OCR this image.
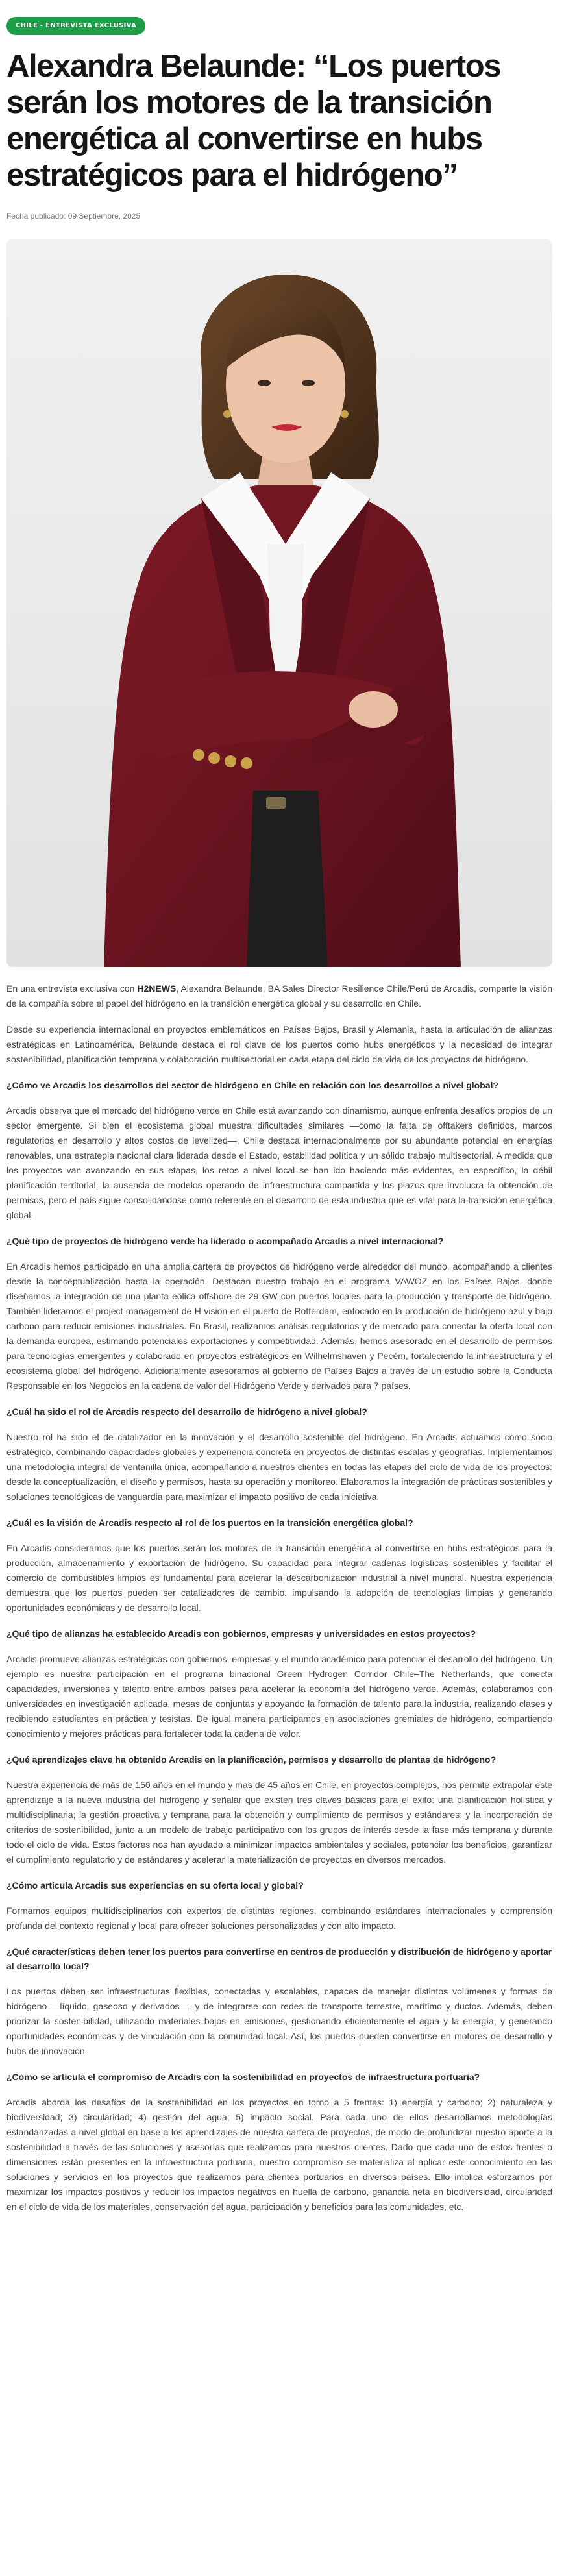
CHILE - ENTREVISTA EXCLUSIVA
Alexandra Belaunde: “Los puertos serán los motores de la transición energética al convertirse en hubs estratégicos para el hidrógeno”
Fecha publicado: 09 Septiembre, 2025

En una entrevista exclusiva con H2NEWS, Alexandra Belaunde, BA Sales Director Resilience Chile/Perú de Arcadis, comparte la visión de la compañía sobre el papel del hidrógeno en la transición energética global y su desarrollo en Chile.

Desde su experiencia internacional en proyectos emblemáticos en Países Bajos, Brasil y Alemania, hasta la articulación de alianzas estratégicas en Latinoamérica, Belaunde destaca el rol clave de los puertos como hubs energéticos y la necesidad de integrar sostenibilidad, planificación temprana y colaboración multisectorial en cada etapa del ciclo de vida de los proyectos de hidrógeno.

¿Cómo ve Arcadis los desarrollos del sector de hidrógeno en Chile en relación con los desarrollos a nivel global?

Arcadis observa que el mercado del hidrógeno verde en Chile está avanzando con dinamismo, aunque enfrenta desafíos propios de un sector emergente. Si bien el ecosistema global muestra dificultades similares —como la falta de offtakers definidos, marcos regulatorios en desarrollo y altos costos de levelized—, Chile destaca internacionalmente por su abundante potencial en energías renovables, una estrategia nacional clara liderada desde el Estado, estabilidad política y un sólido trabajo multisectorial. A medida que los proyectos van avanzando en sus etapas, los retos a nivel local se han ido haciendo más evidentes, en específico, la débil planificación territorial, la ausencia de modelos operando de infraestructura compartida y los plazos que involucra la obtención de permisos, pero el país sigue consolidándose como referente en el desarrollo de esta industria que es vital para la transición energética global.

¿Qué tipo de proyectos de hidrógeno verde ha liderado o acompañado Arcadis a nivel internacional?

En Arcadis hemos participado en una amplia cartera de proyectos de hidrógeno verde alrededor del mundo, acompañando a clientes desde la conceptualización hasta la operación. Destacan nuestro trabajo en el programa VAWOZ en los Países Bajos, donde diseñamos la integración de una planta eólica offshore de 29 GW con puertos locales para la producción y transporte de hidrógeno. También lideramos el project management de H-vision en el puerto de Rotterdam, enfocado en la producción de hidrógeno azul y bajo carbono para reducir emisiones industriales. En Brasil, realizamos análisis regulatorios y de mercado para conectar la oferta local con la demanda europea, estimando potenciales exportaciones y competitividad. Además, hemos asesorado en el desarrollo de permisos para tecnologías emergentes y colaborado en proyectos estratégicos en Wilhelmshaven y Pecém, fortaleciendo la infraestructura y el ecosistema global del hidrógeno. Adicionalmente asesoramos al gobierno de Países Bajos a través de un estudio sobre la Conducta Responsable en los Negocios en la cadena de valor del Hidrógeno Verde y derivados para 7 países.

¿Cuál ha sido el rol de Arcadis respecto del desarrollo de hidrógeno a nivel global?

Nuestro rol ha sido el de catalizador en la innovación y el desarrollo sostenible del hidrógeno. En Arcadis actuamos como socio estratégico, combinando capacidades globales y experiencia concreta en proyectos de distintas escalas y geografías. Implementamos una metodología integral de ventanilla única, acompañando a nuestros clientes en todas las etapas del ciclo de vida de los proyectos: desde la conceptualización, el diseño y permisos, hasta su operación y monitoreo. Elaboramos la integración de prácticas sostenibles y soluciones tecnológicas de vanguardia para maximizar el impacto positivo de cada iniciativa.

¿Cuál es la visión de Arcadis respecto al rol de los puertos en la transición energética global?

En Arcadis consideramos que los puertos serán los motores de la transición energética al convertirse en hubs estratégicos para la producción, almacenamiento y exportación de hidrógeno. Su capacidad para integrar cadenas logísticas sostenibles y facilitar el comercio de combustibles limpios es fundamental para acelerar la descarbonización industrial a nivel mundial. Nuestra experiencia demuestra que los puertos pueden ser catalizadores de cambio, impulsando la adopción de tecnologías limpias y generando oportunidades económicas y de desarrollo local.

¿Qué tipo de alianzas ha establecido Arcadis con gobiernos, empresas y universidades en estos proyectos?

Arcadis promueve alianzas estratégicas con gobiernos, empresas y el mundo académico para potenciar el desarrollo del hidrógeno. Un ejemplo es nuestra participación en el programa binacional Green Hydrogen Corridor Chile–The Netherlands, que conecta capacidades, inversiones y talento entre ambos países para acelerar la economía del hidrógeno verde. Además, colaboramos con universidades en investigación aplicada, mesas de conjuntas y apoyando la formación de talento para la industria, realizando clases y recibiendo estudiantes en práctica y tesistas. De igual manera participamos en asociaciones gremiales de hidrógeno, compartiendo conocimiento y mejores prácticas para fortalecer toda la cadena de valor.

¿Qué aprendizajes clave ha obtenido Arcadis en la planificación, permisos y desarrollo de plantas de hidrógeno?

Nuestra experiencia de más de 150 años en el mundo y más de 45 años en Chile, en proyectos complejos, nos permite extrapolar este aprendizaje a la nueva industria del hidrógeno y señalar que existen tres claves básicas para el éxito: una planificación holística y multidisciplinaria; la gestión proactiva y temprana para la obtención y cumplimiento de permisos y estándares; y la incorporación de criterios de sostenibilidad, junto a un modelo de trabajo participativo con los grupos de interés desde la fase más temprana y durante todo el ciclo de vida. Estos factores nos han ayudado a minimizar impactos ambientales y sociales, potenciar los beneficios, garantizar el cumplimiento regulatorio y de estándares y acelerar la materialización de proyectos en diversos mercados.

¿Cómo articula Arcadis sus experiencias en su oferta local y global?

Formamos equipos multidisciplinarios con expertos de distintas regiones, combinando estándares internacionales y comprensión profunda del contexto regional y local para ofrecer soluciones personalizadas y con alto impacto.

¿Qué características deben tener los puertos para convertirse en centros de producción y distribución de hidrógeno y aportar al desarrollo local?

Los puertos deben ser infraestructuras flexibles, conectadas y escalables, capaces de manejar distintos volúmenes y formas de hidrógeno —líquido, gaseoso y derivados—, y de integrarse con redes de transporte terrestre, marítimo y ductos. Además, deben priorizar la sostenibilidad, utilizando materiales bajos en emisiones, gestionando eficientemente el agua y la energía, y generando oportunidades económicas y de vinculación con la comunidad local. Así, los puertos pueden convertirse en motores de desarrollo y hubs de innovación.

¿Cómo se articula el compromiso de Arcadis con la sostenibilidad en proyectos de infraestructura portuaria?

Arcadis aborda los desafíos de la sostenibilidad en los proyectos en torno a 5 frentes: 1) energía y carbono; 2) naturaleza y biodiversidad; 3) circularidad; 4) gestión del agua; 5) impacto social. Para cada uno de ellos desarrollamos metodologías estandarizadas a nivel global en base a los aprendizajes de nuestra cartera de proyectos, de modo de profundizar nuestro aporte a la sostenibilidad a través de las soluciones y asesorías que realizamos para nuestros clientes. Dado que cada uno de estos frentes o dimensiones están presentes en la infraestructura portuaria, nuestro compromiso se materializa al aplicar este conocimiento en las soluciones y servicios en los proyectos que realizamos para clientes portuarios en diversos países. Ello implica esforzarnos por maximizar los impactos positivos y reducir los impactos negativos en huella de carbono, ganancia neta en biodiversidad, circularidad en el ciclo de vida de los materiales, conservación del agua, participación y beneficios para las comunidades, etc.
